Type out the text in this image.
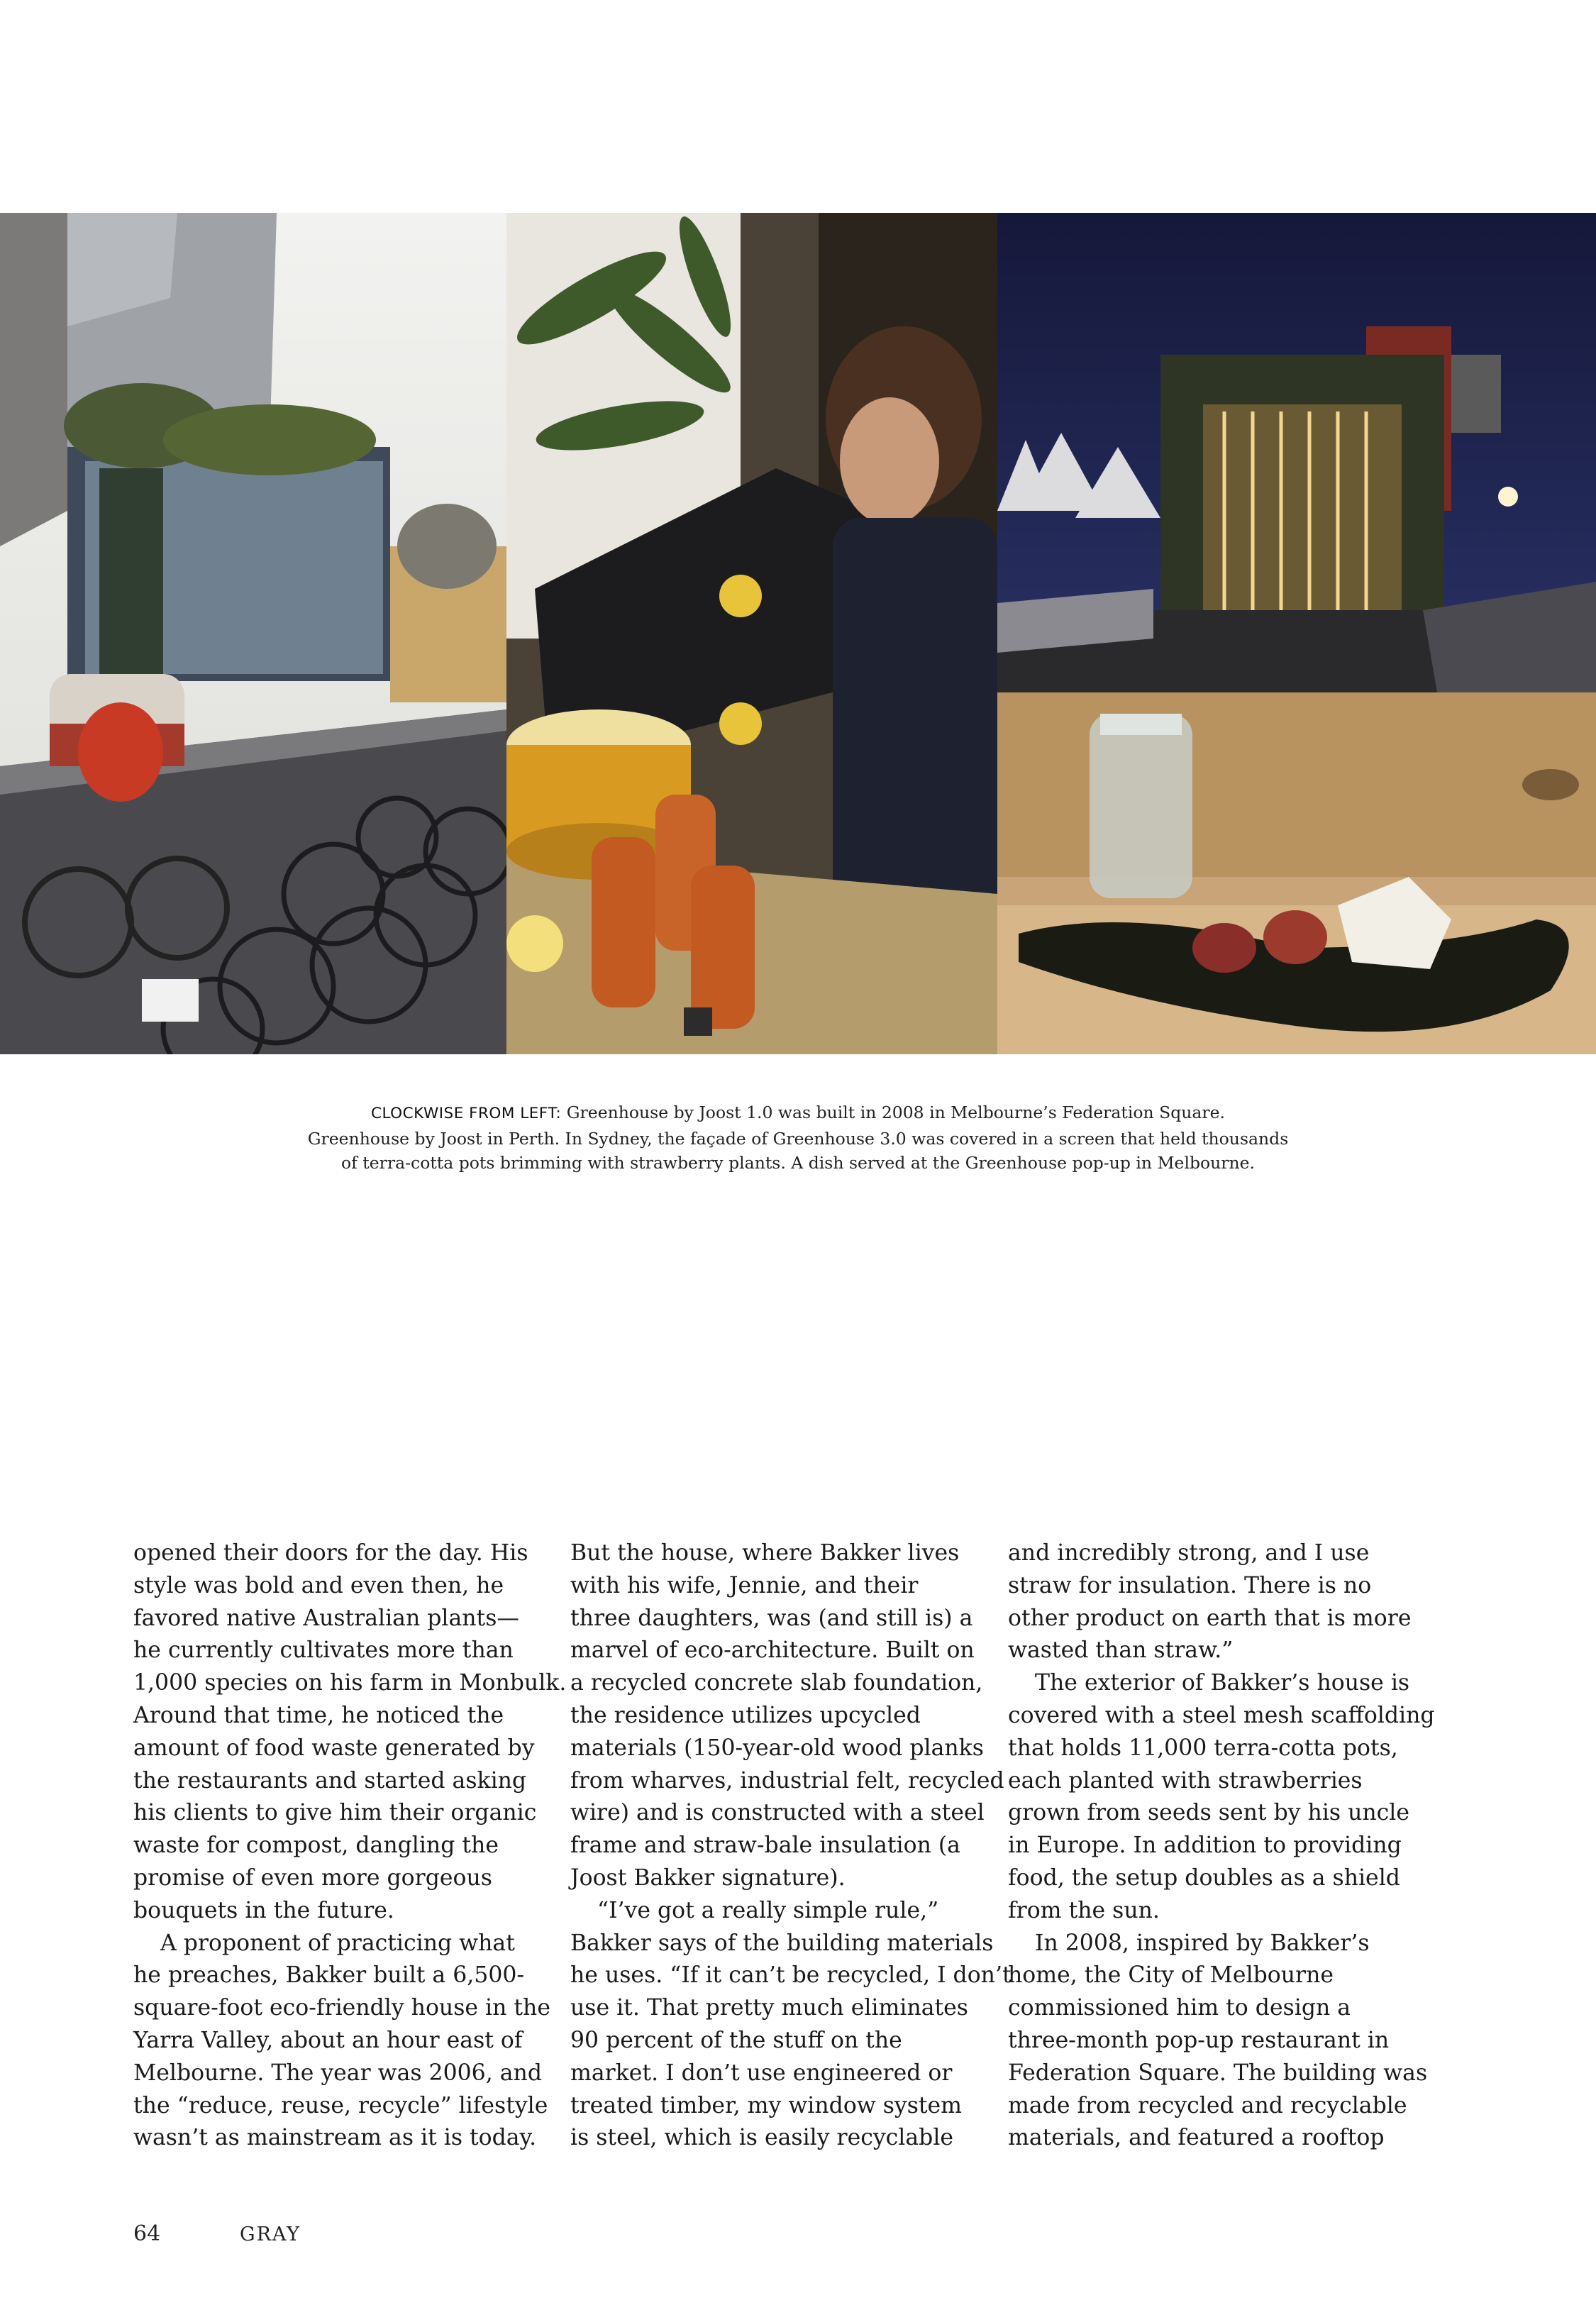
CLOCKWISE FROM LEFT: Greenhouse by Joost 1.0 was built in 2008 in Melbourne’s Federation Square.
Greenhouse by Joost in Perth. In Sydney, the façade of Greenhouse 3.0 was covered in a screen that held thousands
of terra-cotta pots brimming with strawberry plants. A dish served at the Greenhouse pop-up in Melbourne.
opened their doors for the day. His
style was bold and even then, he
favored native Australian plants—
he currently cultivates more than
1,000 species on his farm in Monbulk.
Around that time, he noticed the
amount of food waste generated by
the restaurants and started asking
his clients to give him their organic
waste for compost, dangling the
promise of even more gorgeous
bouquets in the future.
A proponent of practicing what
he preaches, Bakker built a 6,500-
square-foot eco-friendly house in the
Yarra Valley, about an hour east of
Melbourne. The year was 2006, and
the “reduce, reuse, recycle” lifestyle
wasn’t as mainstream as it is today.
But the house, where Bakker lives
with his wife, Jennie, and their
three daughters, was (and still is) a
marvel of eco-architecture. Built on
a recycled concrete slab foundation,
the residence utilizes upcycled
materials (150-year-old wood planks
from wharves, industrial felt, recycled
wire) and is constructed with a steel
frame and straw-bale insulation (a
Joost Bakker signature).
“I’ve got a really simple rule,”
Bakker says of the building materials
he uses. “If it can’t be recycled, I don’t
use it. That pretty much eliminates
90 percent of the stuff on the
market. I don’t use engineered or
treated timber, my window system
is steel, which is easily recyclable
and incredibly strong, and I use
straw for insulation. There is no
other product on earth that is more
wasted than straw.”
The exterior of Bakker’s house is
covered with a steel mesh scaffolding
that holds 11,000 terra-cotta pots,
each planted with strawberries
grown from seeds sent by his uncle
in Europe. In addition to providing
food, the setup doubles as a shield
from the sun.
In 2008, inspired by Bakker’s
home, the City of Melbourne
commissioned him to design a
three-month pop-up restaurant in
Federation Square. The building was
made from recycled and recyclable
materials, and featured a rooftop
64	GRAY
